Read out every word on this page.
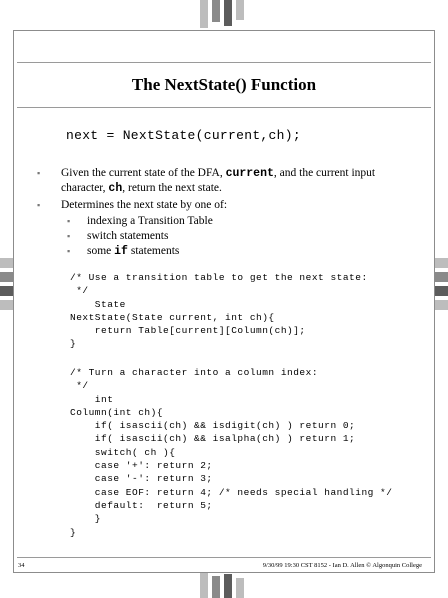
The NextState() Function
next = NextState(current,ch);
▪	Given the current state of the DFA, current, and the current input character, ch, return the next state.
▪	Determines the next state by one of:
▪	indexing a Transition Table
▪	switch statements
▪	some if statements
/* Use a transition table to get the next state:
*/
State
NextState(State current, int ch){
return Table[current][Column(ch)];
}
/* Turn a character into a column index:
*/
int
Column(int ch){
if( isascii(ch) && isdigit(ch) ) return 0;
if( isascii(ch) && isalpha(ch) ) return 1;
switch( ch ){
case '+': return 2;
case '-': return 3;
case EOF: return 4; /* needs special handling */
default:  return 5;
}
}
34	9/30/99 19:30 CST 8152 - Ian D. Allen © Algonquin College
